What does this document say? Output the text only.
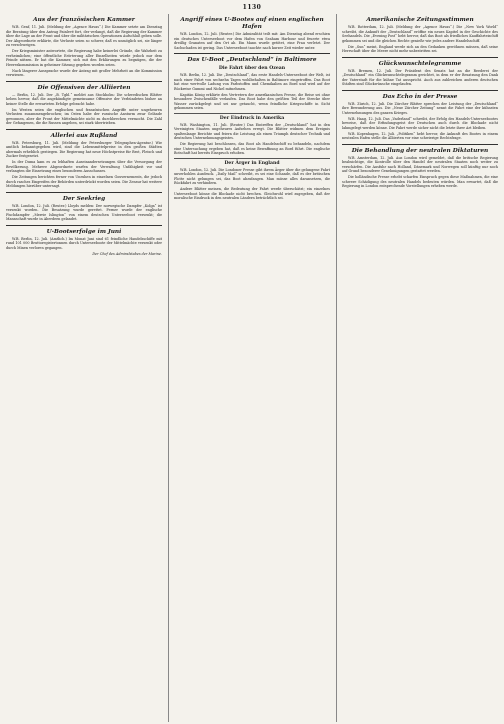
1130
Aus der französischen Kammer

W.B. Genf, 11. Juli. (Meldung der „Agence Havas“.) Die Kammer setzte am Dienstag die Beratung über den Antrag Painlevé fort, der verlangt, daß die Regierung der Kammer über die Lage an der Front und über die militärischen Operationen Aufschluß geben solle. Der Abgeordnete erklärte, die Verluste seien so schwer, daß es unmöglich sei, sie länger zu verschweigen.

Der Kriegsminister antwortete, die Regierung habe keinerlei Gründe, die Wahrheit zu verheimlichen; eine öffentliche Erörterung aller Einzelheiten würde jedoch nur dem Feinde nützen. Er bat die Kammer, sich mit den Erklärungen zu begnügen, die der Heereskommission in geheimer Sitzung gegeben worden seien.

Nach längerer Aussprache wurde der Antrag mit großer Mehrheit an die Kommission verwiesen.

Die Offensiven der Alliierten

— Berlin, 12. Juli. Der „B. Tgbl.“ meldet aus Stockholm: Die schwedischen Blätter heben hervor, daß die angekündigte gemeinsame Offensive der Verbündeten bisher an keiner Stelle die erwarteten Erfolge gebracht habe.

Im Westen seien die englischen und französischen Angriffe unter ungeheuren Verlusten zusammengebrochen; im Osten habe der russische Ansturm zwar Gelände gewonnen, aber die Front der Mittelmächte nicht zu durchbrechen vermocht. Die Zahl der Gefangenen, die die Russen angeben, sei stark übertrieben.

Allerlei aus Rußland

W.B. Petersburg, 11. Juli. (Meldung der Petersburger Telegraphen-Agentur.) Wie amtlich bekanntgegeben wird, sind die Lebensmittelpreise in den großen Städten abermals erheblich gestiegen. Die Regierung hat neue Höchstpreise für Brot, Fleisch und Zucker festgesetzt.

In der Duma kam es zu lebhaften Auseinandersetzungen über die Versorgung der Bevölkerung. Mehrere Abgeordnete warfen der Verwaltung Unfähigkeit vor und verlangten die Einsetzung eines besonderen Ausschusses.

Die Zeitungen berichten ferner von Unruhen in einzelnen Gouvernements, die jedoch durch rasches Eingreifen der Behörden unterdrückt worden seien. Die Zensur hat weitere Meldungen hierüber untersagt.

Der Seekrieg

W.B. London, 12. Juli. (Reuter.) Lloyds melden: Der norwegische Dampfer „Kolga“ ist versenkt worden. Die Besatzung wurde gerettet. Ferner wurde der englische Fischdampfer „Merrie Islington“ von einem deutschen Unterseeboot versenkt; die Mannschaft wurde in Aberdeen gelandet.

U-Bootserfolge im Juni

W.B. Berlin, 12. Juli. (Amtlich.) Im Monat Juni sind 61 feindliche Handelsschiffe mit rund 101 000 Bruttoregistertonnen durch Unterseeboote der Mittelmächte versenkt oder durch Minen verloren gegangen.

Der Chef des Admiralstabes der Marine.
Angriff eines U-Bootes auf einen englischen Hafen

W.B. London, 12. Juli. (Reuter.) Die Admiralität teilt mit: Am Dienstag abend erschien ein deutsches Unterseeboot vor dem Hafen von Seaham Harbour und feuerte etwa dreißig Granaten auf den Ort ab. Ein Mann wurde getötet, eine Frau verletzt. Der Sachschaden ist gering. Das Unterseeboot tauchte nach kurzer Zeit wieder unter.

Das U-Boot „Deutschland“ in Baltimore
Die Fahrt über den Ozean

W.B. Berlin, 12. Juli. Die „Deutschland“, das erste Handels-Unterseeboot der Welt, ist nach einer Fahrt von sechzehn Tagen wohlbehalten in Baltimore eingetroffen. Das Boot hat eine wertvolle Ladung von Farbstoffen und Chemikalien an Bord und wird auf der Rückreise Gummi und Nickel mitnehmen.

Kapitän König erklärte den Vertretern der amerikanischen Presse, die Reise sei ohne besondere Zwischenfälle verlaufen. Das Boot habe den größten Teil der Strecke über Wasser zurückgelegt und sei nur getaucht, wenn feindliche Kriegsschiffe in Sicht gekommen seien.

Der Eindruck in Amerika

W.B. Washington, 11. Juli. (Reuter.) Das Eintreffen der „Deutschland“ hat in den Vereinigten Staaten ungeheures Aufsehen erregt. Die Blätter widmen dem Ereignis spaltenlange Berichte und feiern die Leistung als einen Triumph deutscher Technik und deutschen Unternehmungsgeistes.

Die Regierung hat beschlossen, das Boot als Handelsschiff zu behandeln, nachdem eine Untersuchung ergeben hat, daß es keine Bewaffnung an Bord führt. Die englische Botschaft hat bereits Einspruch erhoben.

Der Ärger in England

W.B. London, 12. Juli. Die Londoner Presse gibt ihrem Ärger über die gelungene Fahrt unverhohlen Ausdruck. „Daily Mail“ schreibt, es sei eine Schande, daß es der britischen Flotte nicht gelungen sei, das Boot abzufangen. Man müsse alles daransetzen, die Rückfahrt zu verhindern.

Andere Blätter meinen, die Bedeutung der Fahrt werde überschätzt; ein einzelnes Unterseeboot könne die Blockade nicht brechen. Gleichwohl wird zugegeben, daß der moralische Eindruck in den neutralen Ländern beträchtlich sei.

Amerikanische Zeitungsstimmen

W.B. Rotterdam, 12. Juli. (Meldung der „Agence Havas“.) Die „New York World“ schreibt, die Ankunft der „Deutschland“ eröffne ein neues Kapitel in der Geschichte des Seehandels. Die „Evening Post“ hebt hervor, daß das Boot als friedliches Kauffahrteischiff gekommen sei und die gleichen Rechte genieße wie jedes andere Handelsschiff.

Die „Sun“ meint, England werde sich an den Gedanken gewöhnen müssen, daß seine Herrschaft über die Meere nicht mehr unbestritten sei.

Glückwunschtelegramme

W.B. Bremen, 12. Juli. Der Präsident des Senats hat an die Reederei der „Deutschland“ ein Glückwunschtelegramm gerichtet, in dem er der Besatzung den Dank der Vaterstadt für die kühne Tat ausspricht. Auch aus zahlreichen anderen deutschen Städten sind Glückwünsche eingelaufen.

Das Echo in der Presse

W.B. Zürich, 12. Juli. Die Zürcher Blätter sprechen der Leistung der „Deutschland“ ihre Bewunderung aus. Die „Neue Zürcher Zeitung“ nennt die Fahrt eine der kühnsten Unternehmungen des ganzen Krieges.

W.B. Haag, 12. Juli. Das „Vaderland“ schreibt, der Erfolg des Handels-Unterseebootes beweise, daß der Erfindungsgeist der Deutschen auch durch die Blockade nicht lahmgelegt werden könne. Die Fahrt werde sicher nicht die letzte ihrer Art bleiben.

W.B. Kopenhagen, 12. Juli. „Politiken“ hebt hervor, die Ankunft des Bootes in einem neutralen Hafen stelle die Alliierten vor eine schwierige Rechtsfrage.

Die Behandlung der neutralen Diktaturen

W.B. Amsterdam, 12. Juli. Aus London wird gemeldet, daß die britische Regierung beabsichtige, die Kontrolle über den Handel der neutralen Staaten noch weiter zu verschärfen. Die Ausfuhr nach Holland, Dänemark und Norwegen soll künftig nur noch auf Grund besonderer Genehmigungen gestattet werden.

Die holländische Presse erhebt scharfen Einspruch gegen diese Maßnahmen, die eine schwere Schädigung des neutralen Handels bedeuten würden. Man erwartet, daß die Regierung in London entsprechende Vorstellungen erheben werde.
